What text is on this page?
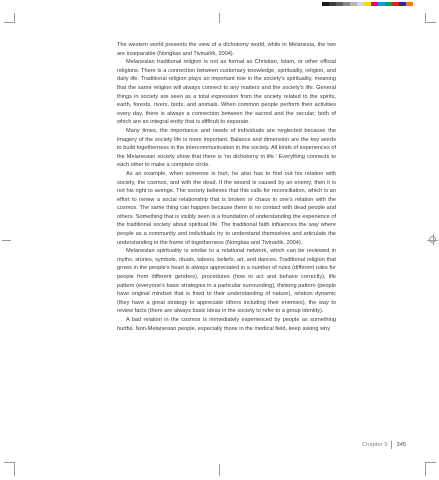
The western world presents the view of a dichotomy world, while in Melanesia, the two are inseparable (Nongkas and Tivinarlik, 2004).

Melanesian traditional religion is not as formal as Christian, Islam, or other official religions. There is a connection between customary knowledge, spirituality, religion, and daily life. Traditional religion plays an important role in the society's spirituality, meaning that the same religion will always connect to any matters and the society's life. General things in society are seen as a total expression from the society related to the spirits, earth, forests, rivers, birds, and animals. When common people perform their activities every day, there is always a connection between the sacred and the secular; both of which are an integral entity that is difficult to separate.

Many times, the importance and needs of individuals are neglected because the imagery of the society life is more important. Balance and dimension are the key words to build togetherness in the intercommunication in the society. All kinds of experiences of the Melanesian society show that there is 'no dichotomy in life.' Everything connects to each other to make a complete circle.

As an example, when someone is hurt, he also has to find out his relation with society, the cosmos, and with the dead. If the wound is caused by an enemy, then it is not his right to avenge. The society believes that this calls for reconciliation, which is an effort to renew a social relationship that is broken or chaos in one's relation with the cosmos. The same thing can happen because there is no contact with dead people and others. Something that is visibly seen is a foundation of understanding the experience of the traditional society about spiritual life. The traditional faith influences the way where people as a community and individuals try to understand themselves and articulate the understanding in the frame of togetherness (Nongkas and Tivinarlik, 2004).

Melanesian spirituality is similar to a relational network, which can be reviewed in myths, stories, symbols, rituals, taboos, beliefs, art, and dances. Traditional religion that grows in the people's heart is always appreciated in a number of rules (different rules for people from different genders), procedures (how to act and behave correctly), life pattern (everyone's basic strategies in a particular surrounding), thinking pattern (people have original mindset that is fixed to their understanding of nature), relation dynamic (they have a great strategy to appreciate others including their enemies), the way to review facts (there are always basic ideas in the society to refer to a group identity).

A bad relation in the cosmos is immediately experienced by people as something hurtful. Non-Melanesian people, especially those in the medical field, keep asking why

Chapter 9 345
